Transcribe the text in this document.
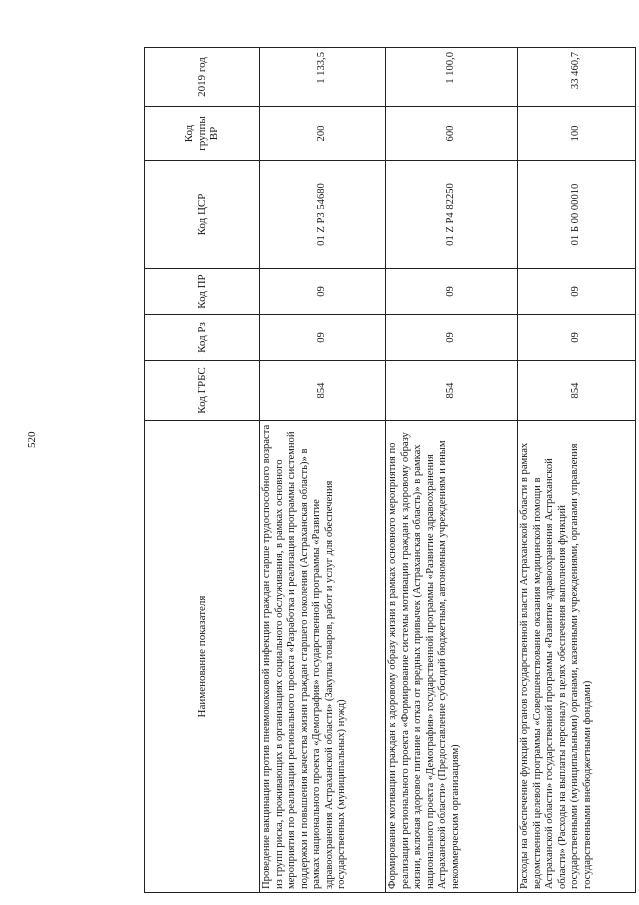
520
Наименование показателя	Код ГРБС	Код Рз	Код ПР	Код ЦСР	Код группы ВР	2019 год
Проведение вакцинации против пневмококковой инфекции граждан старше трудоспособного возраста из групп риска, проживающих в организациях социального обслуживания, в рамках основного мероприятия по реализации регионального проекта «Разработка и реализация программы системной поддержки и повышения качества жизни граждан старшего поколения (Астраханская область)» в рамках национального проекта «Демография» государственной программы «Развитие здравоохранения Астраханской области» (Закупка товаров, работ и услуг для обеспечения государственных (муниципальных) нужд)	854	09	09	01 Z P3 54680	200	1 133,5
Формирование мотивации граждан к здоровому образу жизни в рамках основного мероприятия по реализации регионального проекта «Формирование системы мотивации граждан к здоровому образу жизни, включая здоровое питание и отказ от вредных привычек (Астраханская область)» в рамках национального проекта «Демография» государственной программы «Развитие здравоохранения Астраханской области» (Предоставление субсидий бюджетным, автономным учреждениям и иным некоммерческим организациям)	854	09	09	01 Z P4 82250	600	1 100,0
Расходы на обеспечение функций органов государственной власти Астраханской области в рамках ведомственной целевой программы «Совершенствование оказания медицинской помощи в Астраханской области» государственной программы «Развитие здравоохранения Астраханской области» (Расходы на выплаты персоналу в целях обеспечения выполнения функций государственными (муниципальными) органами, казенными учреждениями, органами управления государственными внебюджетными фондами)	854	09	09	01 Б 00 00010	100	33 460,7
